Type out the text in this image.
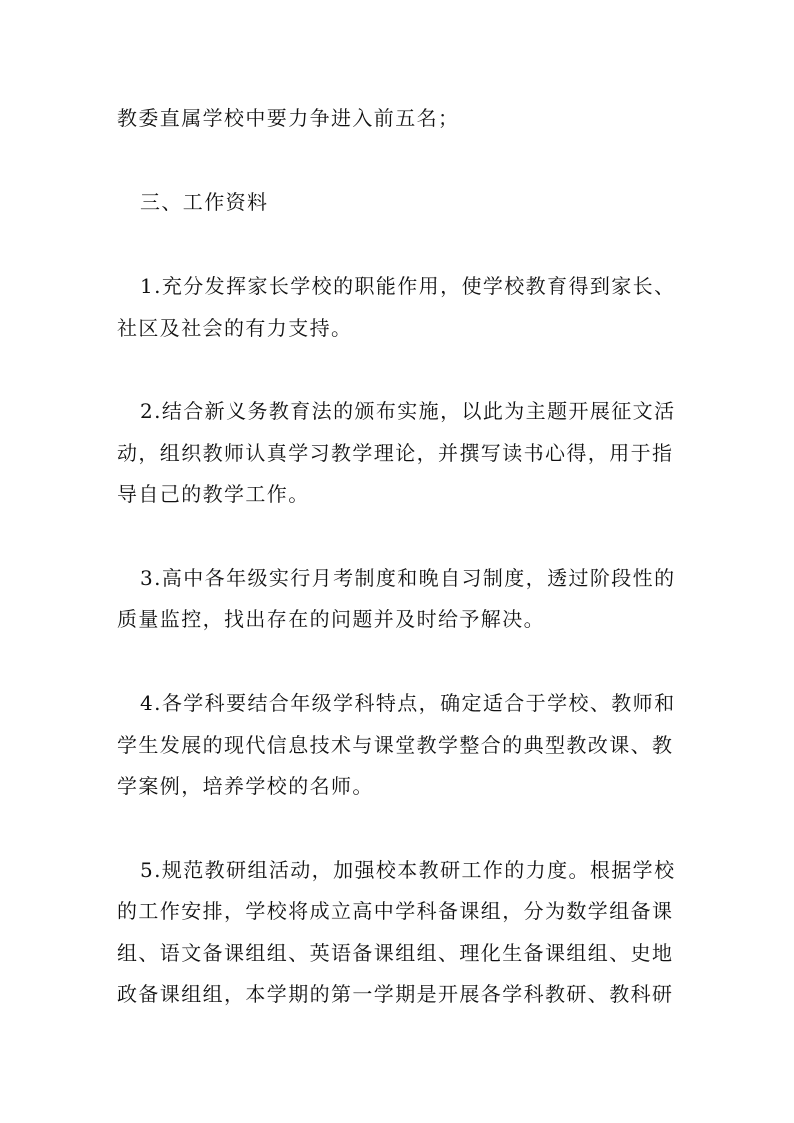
教委直属学校中要力争进入前五名；
三、工作资料
1.充分发挥家长学校的职能作用，使学校教育得到家长、
社区及社会的有力支持。
2.结合新义务教育法的颁布实施，以此为主题开展征文活
动，组织教师认真学习教学理论，并撰写读书心得，用于指
导自己的教学工作。
3.高中各年级实行月考制度和晚自习制度，透过阶段性的
质量监控，找出存在的问题并及时给予解决。
4.各学科要结合年级学科特点，确定适合于学校、教师和
学生发展的现代信息技术与课堂教学整合的典型教改课、教
学案例，培养学校的名师。
5.规范教研组活动，加强校本教研工作的力度。根据学校
的工作安排，学校将成立高中学科备课组，分为数学组备课
组、语文备课组组、英语备课组组、理化生备课组组、史地
政备课组组，本学期的第一学期是开展各学科教研、教科研
